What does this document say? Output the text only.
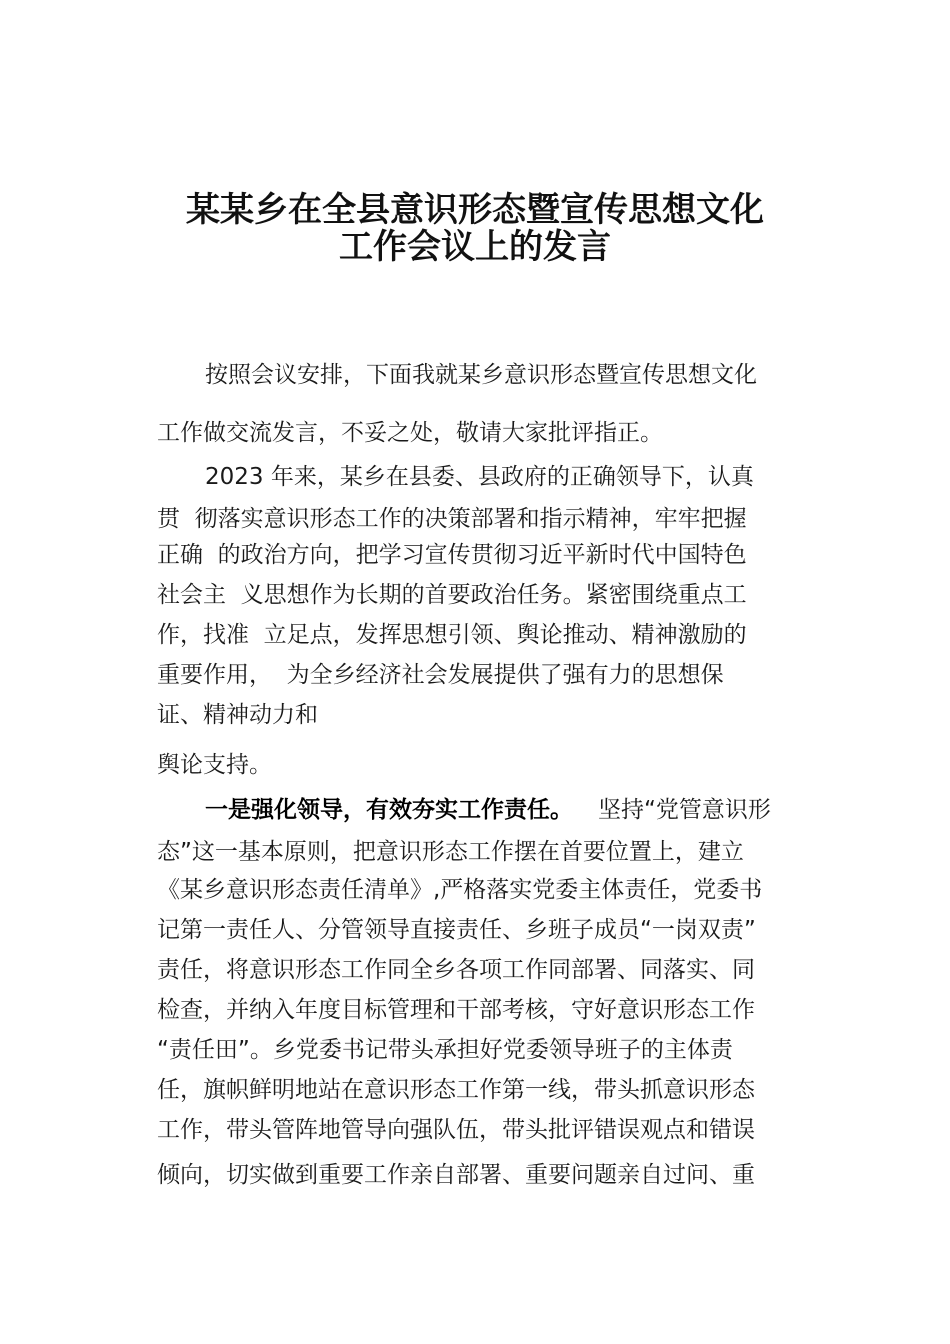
某某乡在全县意识形态暨宣传思想文化
工作会议上的发言
按照会议安排，下面我就某乡意识形态暨宣传思想文化
工作做交流发言，不妥之处，敬请大家批评指正。
2023 年来，某乡在县委、县政府的正确领导下，认真
贯  彻落实意识形态工作的决策部署和指示精神，牢牢把握
正确  的政治方向，把学习宣传贯彻习近平新时代中国特色
社会主  义思想作为长期的首要政治任务。紧密围绕重点工
作，找准  立足点，发挥思想引领、舆论推动、精神激励的
重要作用，  为全乡经济社会发展提供了强有力的思想保
证、精神动力和
舆论支持。
一是强化领导，有效夯实工作责任。 坚持“党管意识形
态”这一基本原则，把意识形态工作摆在首要位置上，建立
《某乡意识形态责任清单》,严格落实党委主体责任，党委书
记第一责任人、分管领导直接责任、乡班子成员“一岗双责”
责任，将意识形态工作同全乡各项工作同部署、同落实、同
检查，并纳入年度目标管理和干部考核，守好意识形态工作
“责任田”。乡党委书记带头承担好党委领导班子的主体责
任，旗帜鲜明地站在意识形态工作第一线，带头抓意识形态
工作，带头管阵地管导向强队伍，带头批评错误观点和错误
倾向，切实做到重要工作亲自部署、重要问题亲自过问、重
